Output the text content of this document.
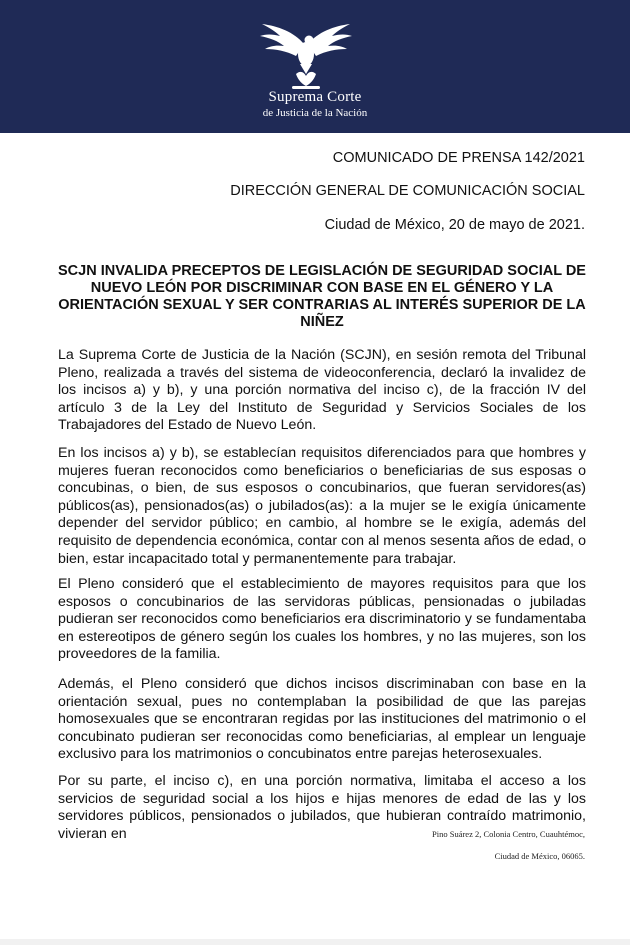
Suprema Corte
de Justicia de la Nación
COMUNICADO DE PRENSA 142/2021
DIRECCIÓN GENERAL DE COMUNICACIÓN SOCIAL
Ciudad de México, 20 de mayo de 2021.
SCJN INVALIDA PRECEPTOS DE LEGISLACIÓN DE SEGURIDAD SOCIAL DE NUEVO LEÓN POR DISCRIMINAR CON BASE EN EL GÉNERO Y LA ORIENTACIÓN SEXUAL Y SER CONTRARIAS AL INTERÉS SUPERIOR DE LA NIÑEZ
La Suprema Corte de Justicia de la Nación (SCJN), en sesión remota del Tribunal Pleno, realizada a través del sistema de videoconferencia, declaró la invalidez de los incisos a) y b), y una porción normativa del inciso c), de la fracción IV del artículo 3 de la Ley del Instituto de Seguridad y Servicios Sociales de los Trabajadores del Estado de Nuevo León.
En los incisos a) y b), se establecían requisitos diferenciados para que hombres y mujeres fueran reconocidos como beneficiarios o beneficiarias de sus esposas o concubinas, o bien, de sus esposos o concubinarios, que fueran servidores(as) públicos(as), pensionados(as) o jubilados(as): a la mujer se le exigía únicamente depender del servidor público; en cambio, al hombre se le exigía, además del requisito de dependencia económica, contar con al menos sesenta años de edad, o bien, estar incapacitado total y permanentemente para trabajar.
El Pleno consideró que el establecimiento de mayores requisitos para que los esposos o concubinarios de las servidoras públicas, pensionadas o jubiladas pudieran ser reconocidos como beneficiarios era discriminatorio y se fundamentaba en estereotipos de género según los cuales los hombres, y no las mujeres, son los proveedores de la familia.
Además, el Pleno consideró que dichos incisos discriminaban con base en la orientación sexual, pues no contemplaban la posibilidad de que las parejas homosexuales que se encontraran regidas por las instituciones del matrimonio o el concubinato pudieran ser reconocidas como beneficiarias, al emplear un lenguaje exclusivo para los matrimonios o concubinatos entre parejas heterosexuales.
Por su parte, el inciso c), en una porción normativa, limitaba el acceso a los servicios de seguridad social a los hijos e hijas menores de edad de las y los servidores públicos, pensionados o jubilados, que hubieran contraído matrimonio, vivieran en	Pino Suárez 2, Colonia Centro, Cuauhtémoc,
Ciudad de México, 06065.
